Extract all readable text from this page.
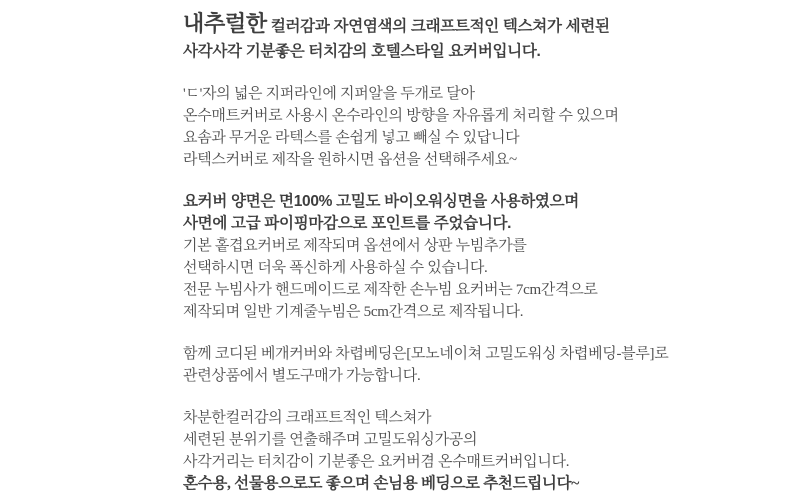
내추럴한 컬러감과 자연염색의 크래프트적인 텍스쳐가 세련된
사각사각 기분좋은 터치감의 호텔스타일 요커버입니다.
'ㄷ'자의 넓은 지퍼라인에 지퍼알을 두개로 달아
온수매트커버로 사용시 온수라인의 방향을 자유롭게 처리할 수 있으며
요솜과 무거운 라텍스를 손쉽게 넣고 빼실 수 있답니다
라텍스커버로 제작을 원하시면 옵션을 선택해주세요~
요커버 양면은 면100% 고밀도 바이오워싱면을 사용하였으며
사면에 고급 파이핑마감으로 포인트를 주었습니다.
기본 홑겹요커버로 제작되며 옵션에서 상판 누빔추가를
선택하시면 더욱 폭신하게 사용하실 수 있습니다.
전문 누빔사가 핸드메이드로 제작한 손누빔 요커버는 7cm간격으로
제작되며 일반 기계줄누빔은 5cm간격으로 제작됩니다.
함께 코디된 베개커버와 차렵베딩은[모노네이쳐 고밀도워싱 차렵베딩-블루]로
관련상품에서 별도구매가 가능합니다.
차분한컬러감의 크래프트적인 텍스쳐가
세련된 분위기를 연출해주며 고밀도워싱가공의
사각거리는 터치감이 기분좋은 요커버겸 온수매트커버입니다.
혼수용, 선물용으로도 좋으며 손님용 베딩으로 추천드립니다~
